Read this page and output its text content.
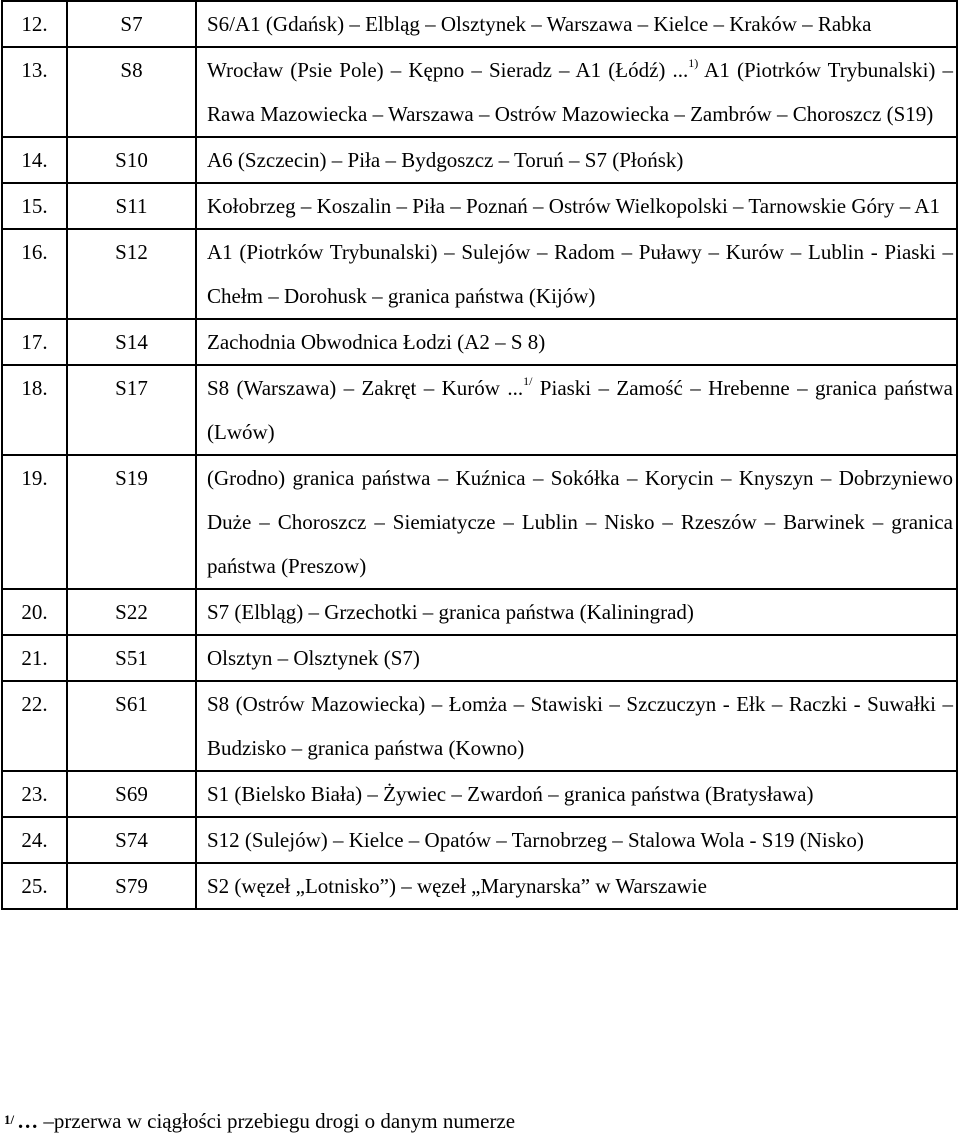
12.	S7	S6/A1 (Gdańsk) – Elbląg – Olsztynek – Warszawa – Kielce – Kraków – Rabka
13.	S8	Wrocław (Psie Pole) – Kępno – Sieradz – A1 (Łódź) ...$^{1)}$ A1 (Piotrków Trybunalski) – Rawa Mazowiecka – Warszawa – Ostrów Mazowiecka – Zambrów – Choroszcz (S19)
14.	S10	A6 (Szczecin) – Piła – Bydgoszcz – Toruń – S7 (Płońsk)
15.	S11	Kołobrzeg – Koszalin – Piła – Poznań – Ostrów Wielkopolski – Tarnowskie Góry – A1
16.	S12	A1 (Piotrków Trybunalski) – Sulejów – Radom – Puławy – Kurów – Lublin - Piaski – Chełm – Dorohusk – granica państwa (Kijów)
17.	S14	Zachodnia Obwodnica Łodzi (A2 – S 8)
18.	S17	S8 (Warszawa) – Zakręt – Kurów ...$^{1/}$ Piaski – Zamość – Hrebenne – granica państwa (Lwów)
19.	S19	(Grodno) granica państwa – Kuźnica – Sokółka – Korycin – Knyszyn – Dobrzyniewo Duże – Choroszcz – Siemiatycze – Lublin – Nisko – Rzeszów – Barwinek – granica państwa (Preszow)
20.	S22	S7 (Elbląg) – Grzechotki – granica państwa (Kaliningrad)
21.	S51	Olsztyn – Olsztynek (S7)
22.	S61	S8 (Ostrów Mazowiecka) – Łomża – Stawiski – Szczuczyn - Ełk – Raczki - Suwałki – Budzisko – granica państwa (Kowno)
23.	S69	S1 (Bielsko Biała) – Żywiec – Zwardoń – granica państwa (Bratysława)
24.	S74	S12 (Sulejów) – Kielce – Opatów – Tarnobrzeg – Stalowa Wola - S19 (Nisko)
25.	S79	S2 (węzeł „Lotnisko”) – węzeł „Marynarska” w Warszawie
$^{1/}$ … –przerwa w ciągłości przebiegu drogi o danym numerze
